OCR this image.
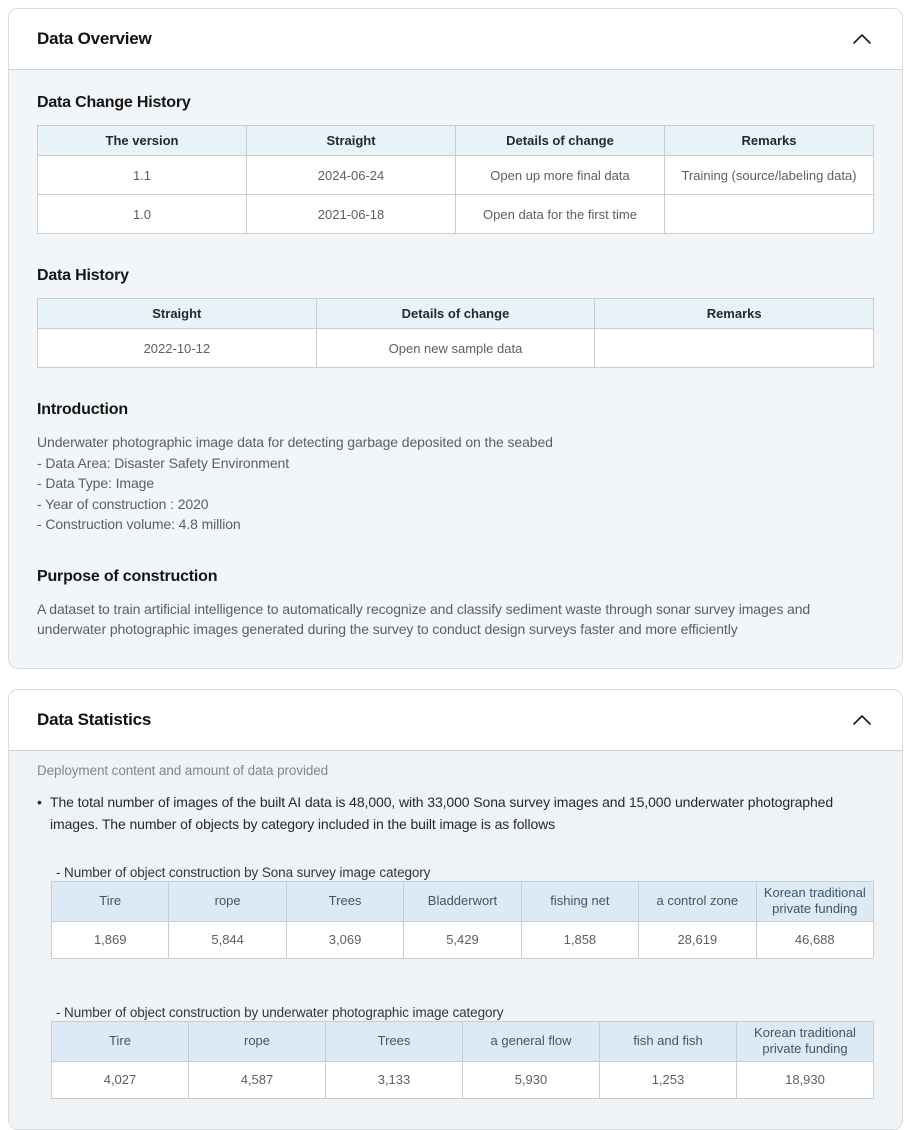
Data Overview
Data Change History
The version	Straight	Details of change	Remarks
1.1	2024-06-24	Open up more final data	Training (source/labeling data)
1.0	2021-06-18	Open data for the first time	
Data History
Straight	Details of change	Remarks
2022-10-12	Open new sample data	
Introduction
Underwater photographic image data for detecting garbage deposited on the seabed
- Data Area: Disaster Safety Environment
- Data Type: Image
- Year of construction : 2020
- Construction volume: 4.8 million
Purpose of construction

A dataset to train artificial intelligence to automatically recognize and classify sediment waste through sonar survey images and underwater photographic images generated during the survey to conduct design surveys faster and more efficiently

Data Statistics
Deployment content and amount of data provided
• The total number of images of the built AI data is 48,000, with 33,000 Sona survey images and 15,000 underwater photographed images. The number of objects by category included in the built image is as follows
- Number of object construction by Sona survey image category
Tire	rope	Trees	Bladderwort	fishing net	a control zone	Korean traditional private funding
1,869	5,844	3,069	5,429	1,858	28,619	46,688
- Number of object construction by underwater photographic image category
Tire	rope	Trees	a general flow	fish and fish	Korean traditional private funding
4,027	4,587	3,133	5,930	1,253	18,930
